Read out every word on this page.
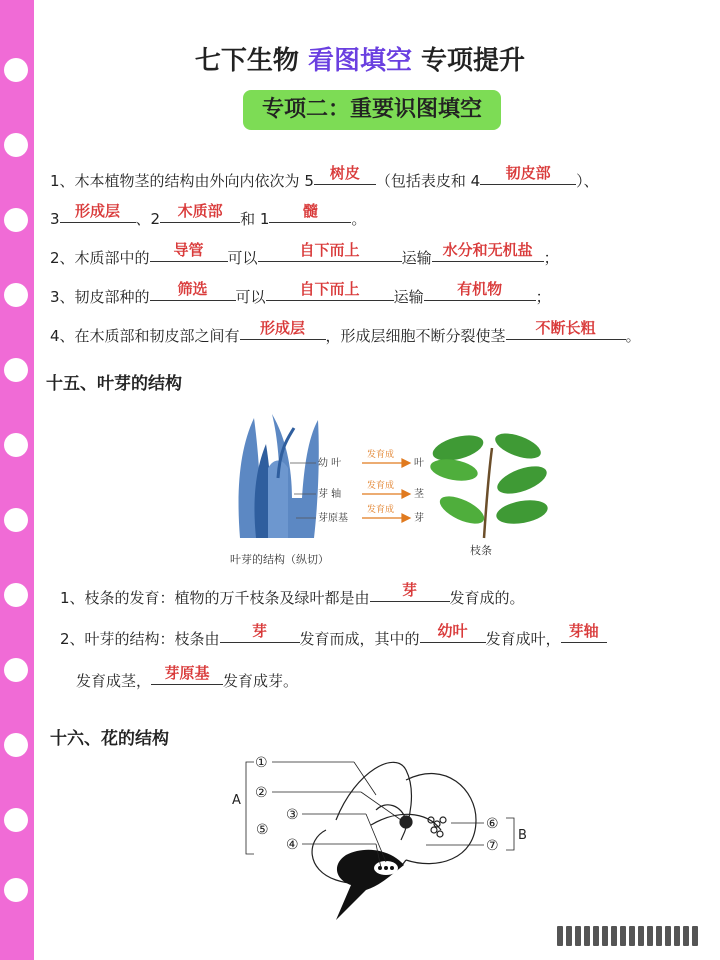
七下生物 看图填空 专项提升
专项二：重要识图填空
1、木本植物茎的结构由外向内依次为 5 树皮 （包括表皮和 4 韧皮部 ）、
3 形成层 、2 木质部 和 1 髓 。
2、木质部中的 导管 可以	自下而上	运输 水分和无机盐 ；
3、韧皮部种的 筛选 可以 自下而上 运输 有机物 ；
4、在木质部和韧皮部之间有 形成层 ，形成层细胞不断分裂使茎 不断长粗 。
十五、叶芽的结构
幼 叶
芽 轴
芽原基
发育成
发育成
发育成
叶
茎
芽
叶芽的结构（纵切）
枝条
1、枝条的发育：植物的万千枝条及绿叶都是由 芽 发育成的。
2、叶芽的结构：枝条由 芽 发育而成，其中的 幼叶 发育成叶， 芽轴
发育成茎， 芽原基 发育成芽。
十六、花的结构
①
②
③
④
⑤	⑥
⑦
A
B
